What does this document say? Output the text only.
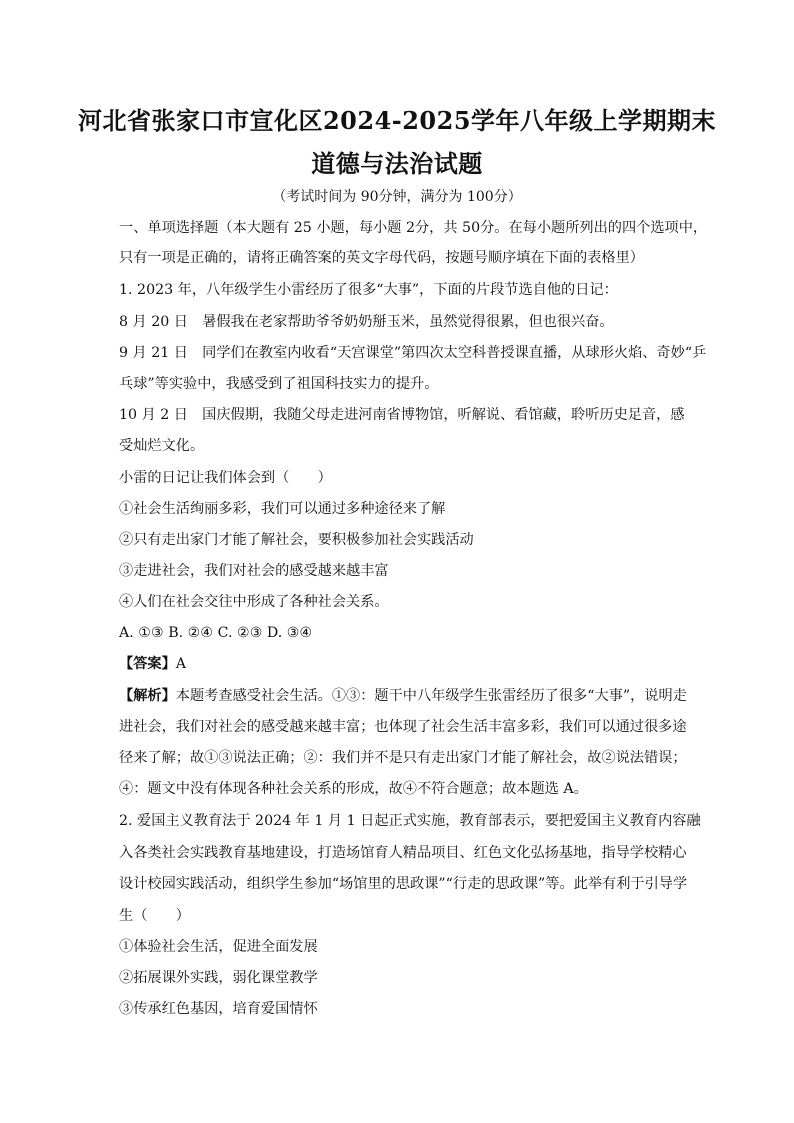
河北省张家口市宣化区2024-2025学年八年级上学期期末
道德与法治试题
（考试时间为 90分钟，满分为 100分）
一、单项选择题（本大题有 25 小题，每小题 2分，共 50分。在每小题所列出的四个选项中，
只有一项是正确的，请将正确答案的英文字母代码，按题号顺序填在下面的表格里）
1. 2023 年，八年级学生小雷经历了很多“大事”，下面的片段节选自他的日记：
8 月 20 日　暑假我在老家帮助爷爷奶奶掰玉米，虽然觉得很累，但也很兴奋。
9 月 21 日　同学们在教室内收看“天宫课堂”第四次太空科普授课直播，从球形火焰、奇妙“乒
乓球”等实验中，我感受到了祖国科技实力的提升。
10 月 2 日　国庆假期，我随父母走进河南省博物馆，听解说、看馆藏，聆听历史足音，感
受灿烂文化。
小雷的日记让我们体会到（　　）
①社会生活绚丽多彩，我们可以通过多种途径来了解
②只有走出家门才能了解社会，要积极参加社会实践活动
③走进社会，我们对社会的感受越来越丰富
④人们在社会交往中形成了各种社会关系。
A. ①③ B. ②④ C. ②③ D. ③④
【答案】A
【解析】本题考查感受社会生活。①③：题干中八年级学生张雷经历了很多“大事”，说明走
进社会，我们对社会的感受越来越丰富；也体现了社会生活丰富多彩，我们可以通过很多途
径来了解；故①③说法正确；②：我们并不是只有走出家门才能了解社会，故②说法错误；
④：题文中没有体现各种社会关系的形成，故④不符合题意；故本题选 A。
2. 爱国主义教育法于 2024 年 1 月 1 日起正式实施，教育部表示，要把爱国主义教育内容融
入各类社会实践教育基地建设，打造场馆育人精品项目、红色文化弘扬基地，指导学校精心
设计校园实践活动，组织学生参加“场馆里的思政课”“行走的思政课”等。此举有利于引导学
生（　　）
①体验社会生活，促进全面发展
②拓展课外实践，弱化课堂教学
③传承红色基因，培育爱国情怀
